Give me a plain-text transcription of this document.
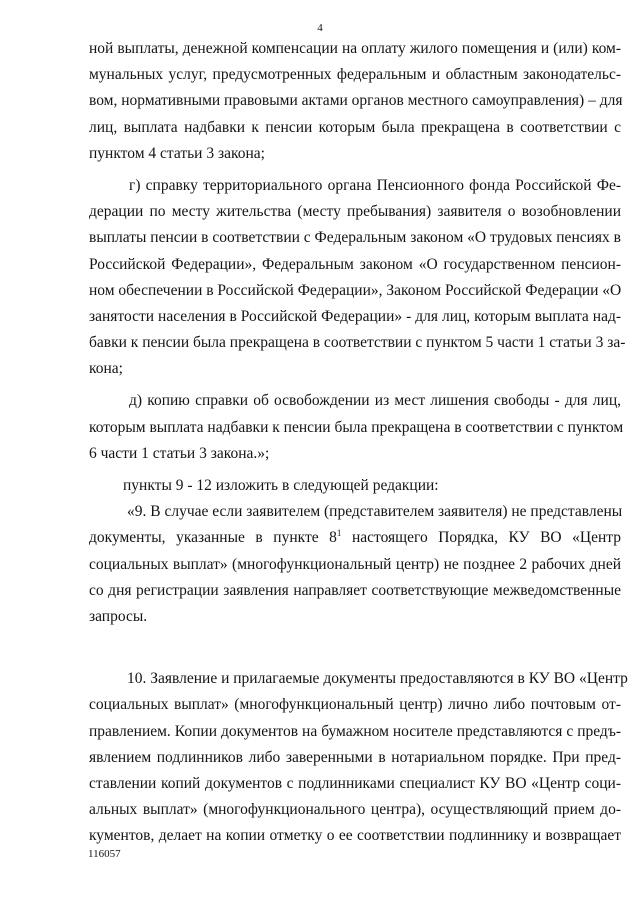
4
ной выплаты, денежной компенсации на оплату жилого помещения и (или) ком-
мунальных услуг, предусмотренных федеральным и областным законодательс-
вом, нормативными правовыми актами органов местного самоуправления) – для
лиц, выплата надбавки к пенсии которым была прекращена в соответствии с
пунктом 4 статьи 3 закона;
г) справку территориального органа Пенсионного фонда Российской Фе-
дерации по месту жительства (месту пребывания) заявителя о возобновлении
выплаты пенсии в соответствии с Федеральным законом «О трудовых пенсиях в
Российской Федерации», Федеральным законом «О государственном пенсион-
ном обеспечении в Российской Федерации», Законом Российской Федерации «О
занятости населения в Российской Федерации» - для лиц, которым выплата над-
бавки к пенсии была прекращена в соответствии с пунктом 5 части 1 статьи 3 за-
кона;
д) копию справки об освобождении из мест лишения свободы - для лиц,
которым выплата надбавки к пенсии была прекращена в соответствии с пунктом
6 части 1 статьи 3 закона.»;
пункты 9 - 12 изложить в следующей редакции:
«9. В случае если заявителем (представителем заявителя) не представлены
документы, указанные в пункте $8^1$ настоящего Порядка, КУ ВО «Центр
социальных выплат» (многофункциональный центр) не позднее 2 рабочих дней
со дня регистрации заявления направляет соответствующие межведомственные
запросы.
10. Заявление и прилагаемые документы предоставляются в КУ ВО «Центр
социальных выплат» (многофункциональный центр) лично либо почтовым от-
правлением. Копии документов на бумажном носителе представляются с предъ-
явлением подлинников либо заверенными в нотариальном порядке. При пред-
ставлении копий документов с подлинниками специалист КУ ВО «Центр соци-
альных выплат» (многофункционального центра), осуществляющий прием до-
кументов, делает на копии отметку о ее соответствии подлиннику и возвращает
116057
